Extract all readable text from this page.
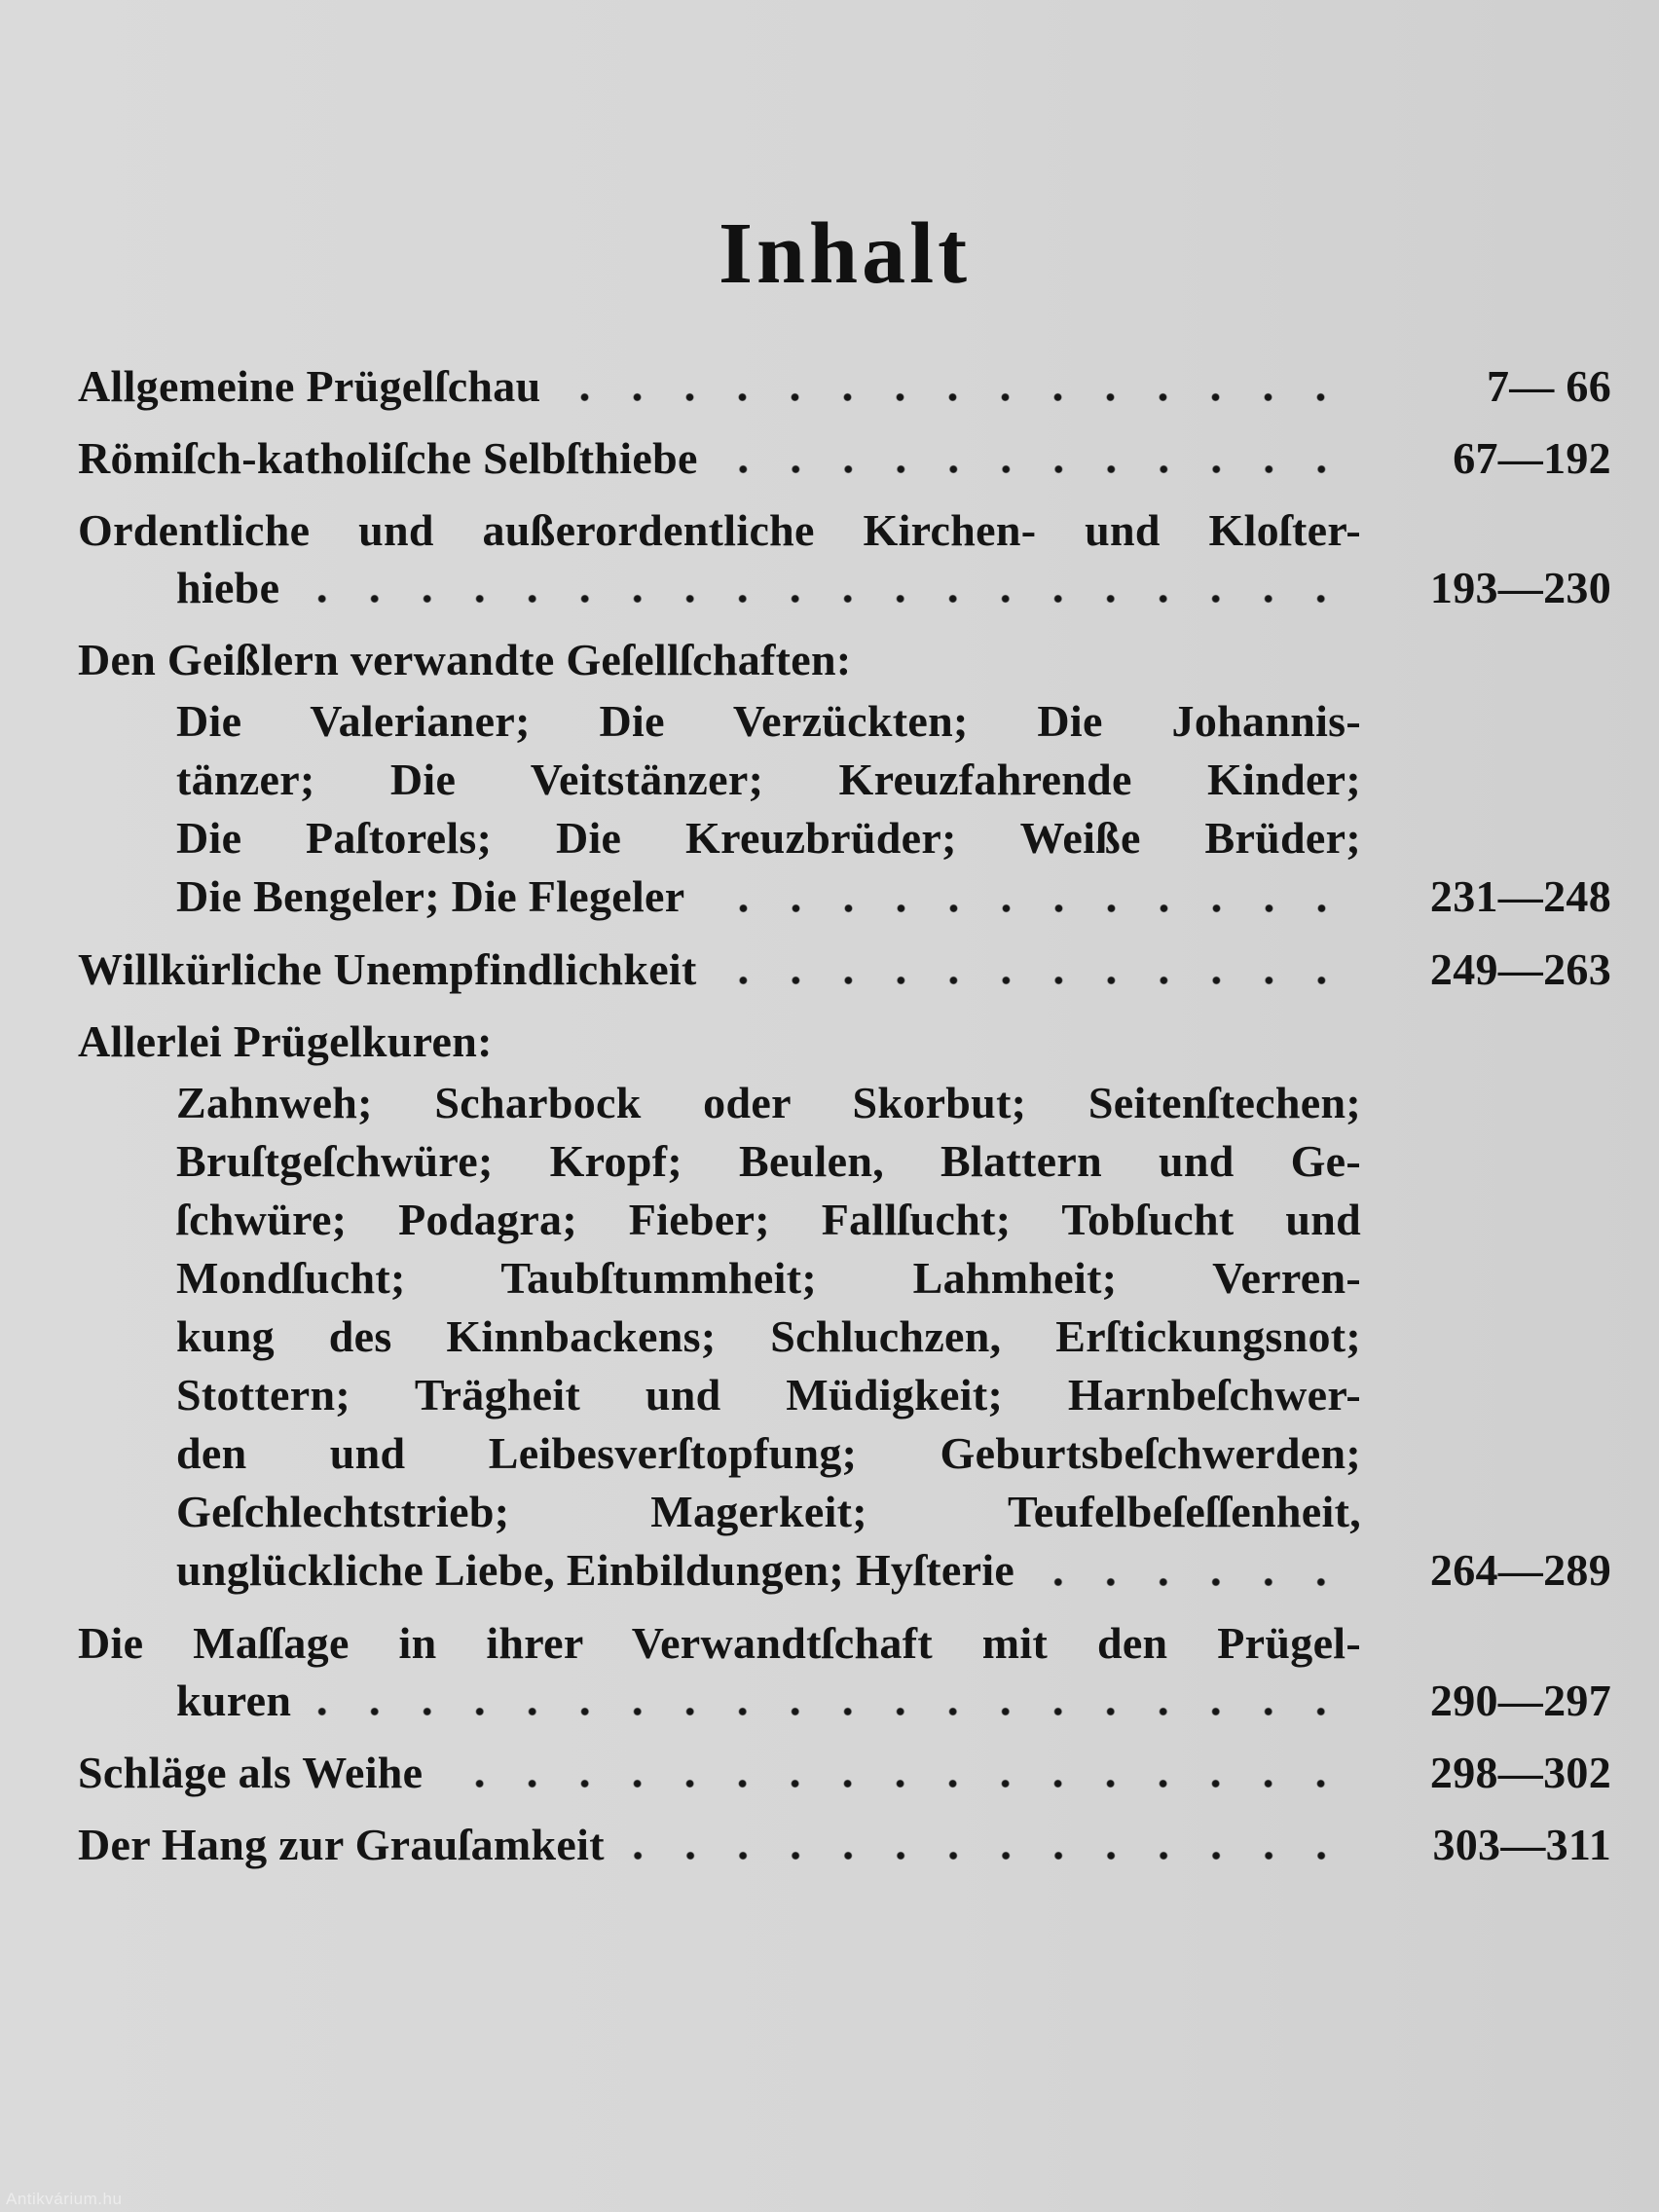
Inhalt
Allgemeine Prügelſchau	7— 66
Römiſch-katholiſche Selbſthiebe	67—192
Ordentliche und außerordentliche Kirchen- und Kloſter-
hiebe	193—230
Den Geißlern verwandte Geſellſchaften:
Die Valerianer; Die Verzückten; Die Johannis-
tänzer; Die Veitstänzer; Kreuzfahrende Kinder;
Die Paſtorels; Die Kreuzbrüder; Weiße Brüder;
Die Bengeler; Die Flegeler	231—248
Willkürliche Unempfindlichkeit	249—263
Allerlei Prügelkuren:
Zahnweh; Scharbock oder Skorbut; Seitenſtechen;
Bruſtgeſchwüre; Kropf; Beulen, Blattern und Ge-
ſchwüre; Podagra; Fieber; Fallſucht; Tobſucht und
Mondſucht; Taubſtummheit; Lahmheit; Verren-
kung des Kinnbackens; Schluchzen, Erſtickungsnot;
Stottern; Trägheit und Müdigkeit; Harnbeſchwer-
den und Leibesverſtopfung; Geburtsbeſchwerden;
Geſchlechtstrieb; Magerkeit; Teufelbeſeſſenheit,
unglückliche Liebe, Einbildungen; Hyſterie	264—289
Die Maſſage in ihrer Verwandtſchaft mit den Prügel-
kuren	290—297
Schläge als Weihe	298—302
Der Hang zur Grauſamkeit	303—311
Antikvárium.hu
